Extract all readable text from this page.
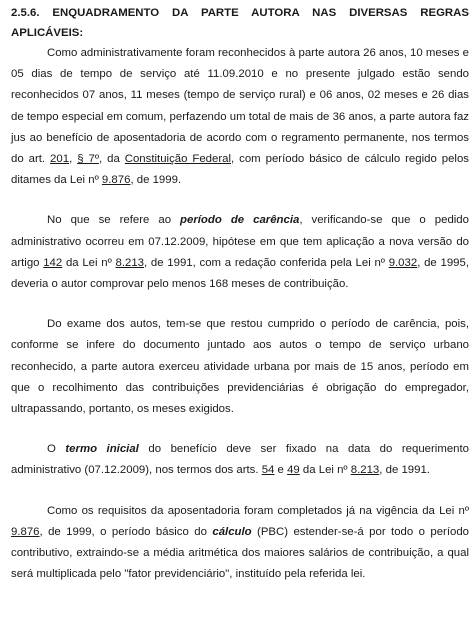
2.5.6. ENQUADRAMENTO DA PARTE AUTORA NAS DIVERSAS REGRAS APLICÁVEIS:

Como administrativamente foram reconhecidos à parte autora 26 anos, 10 meses e 05 dias de tempo de serviço até 11.09.2010 e no presente julgado estão sendo reconhecidos 07 anos, 11 meses (tempo de serviço rural) e 06 anos, 02 meses e 26 dias de tempo especial em comum, perfazendo um total de mais de 36 anos, a parte autora faz jus ao benefício de aposentadoria de acordo com o regramento permanente, nos termos do art. 201, § 7º, da Constituição Federal, com período básico de cálculo regido pelos ditames da Lei nº 9.876, de 1999.

No que se refere ao período de carência, verificando-se que o pedido administrativo ocorreu em 07.12.2009, hipótese em que tem aplicação a nova versão do artigo 142 da Lei nº 8.213, de 1991, com a redação conferida pela Lei nº 9.032, de 1995, deveria o autor comprovar pelo menos 168 meses de contribuição.

Do exame dos autos, tem-se que restou cumprido o período de carência, pois, conforme se infere do documento juntado aos autos o tempo de serviço urbano reconhecido, a parte autora exerceu atividade urbana por mais de 15 anos, período em que o recolhimento das contribuições previdenciárias é obrigação do empregador, ultrapassando, portanto, os meses exigidos.

O termo inicial do benefício deve ser fixado na data do requerimento administrativo (07.12.2009), nos termos dos arts. 54 e 49 da Lei nº 8.213, de 1991.

Como os requisitos da aposentadoria foram completados já na vigência da Lei nº 9.876, de 1999, o período básico do cálculo (PBC) estender-se-á por todo o período contributivo, extraindo-se a média aritmética dos maiores salários de contribuição, a qual será multiplicada pelo "fator previdenciário", instituído pela referida lei.
